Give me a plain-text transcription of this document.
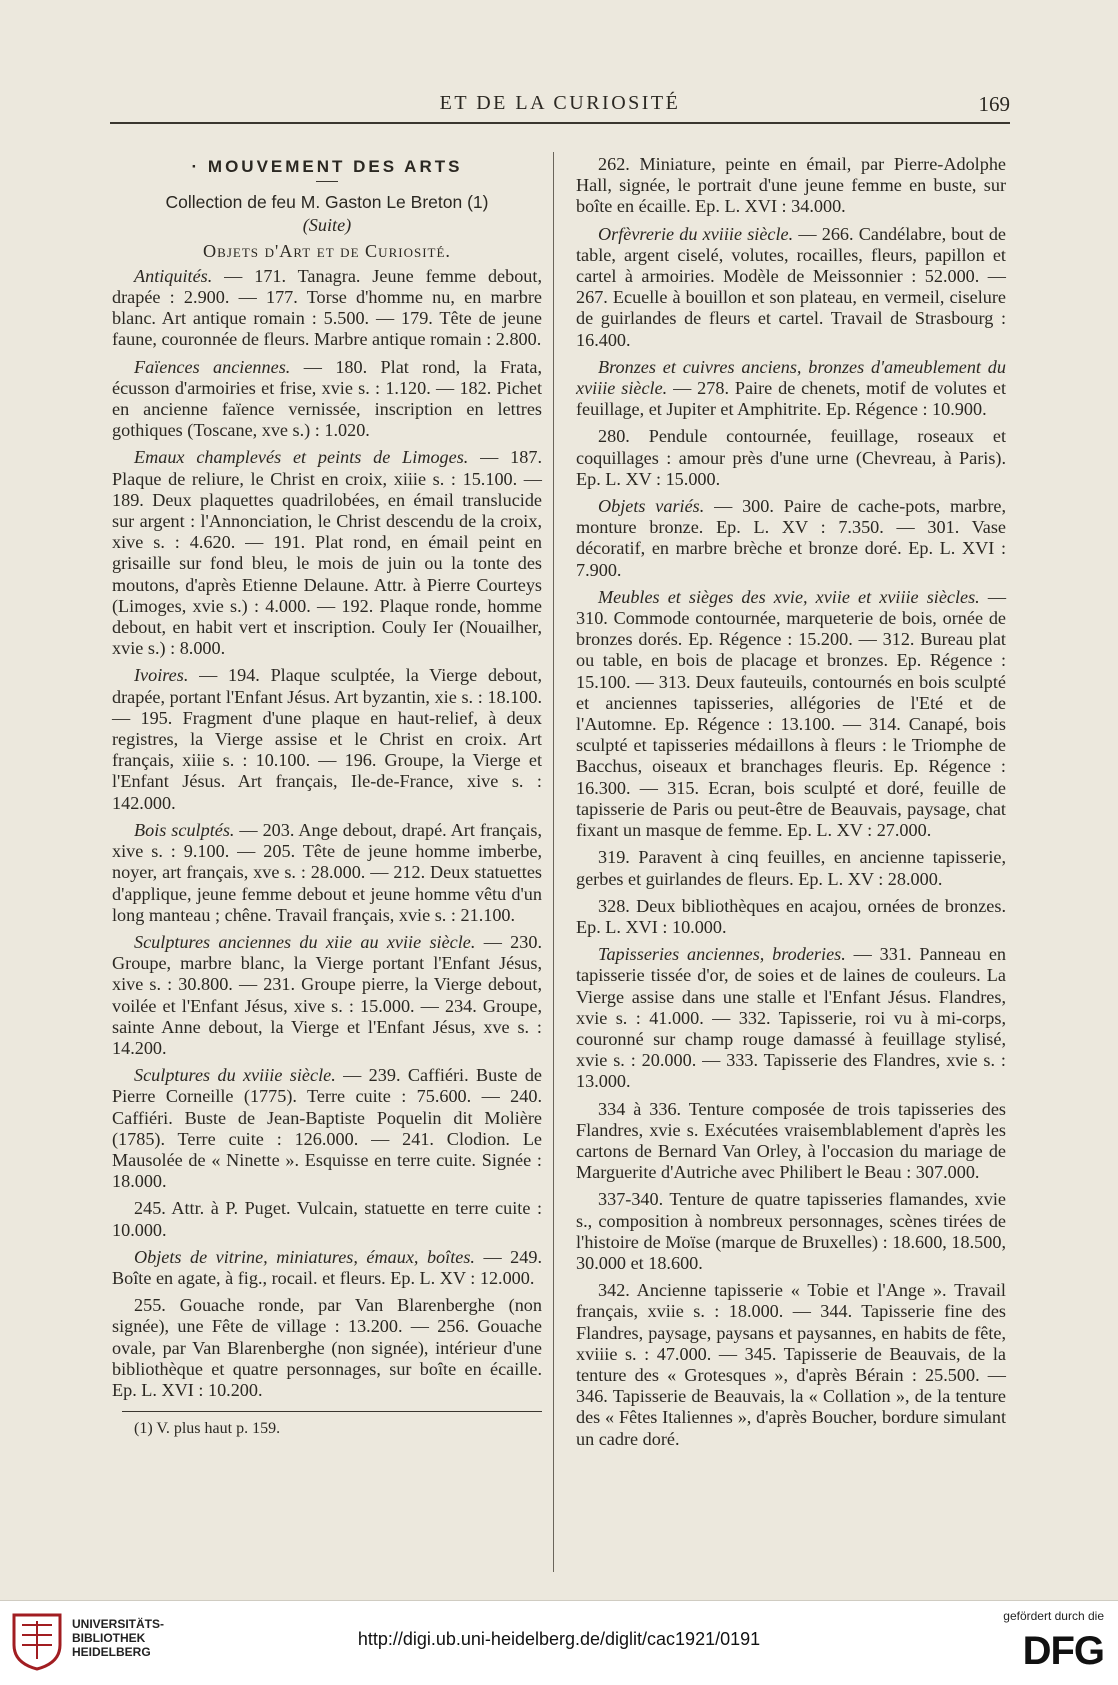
ET DE LA CURIOSITÉ	169
· MOUVEMENT DES ARTS
Collection de feu M. Gaston Le Breton (1)
(Suite)
Objets d'Art et de Curiosité.

Antiquités. — 171. Tanagra. Jeune femme debout, drapée : 2.900. — 177. Torse d'homme nu, en marbre blanc. Art antique romain : 5.500. — 179. Tête de jeune faune, couronnée de fleurs. Marbre antique romain : 2.800.

Faïences anciennes. — 180. Plat rond, la Frata, écusson d'armoiries et frise, xvie s. : 1.120. — 182. Pichet en ancienne faïence vernissée, inscription en lettres gothiques (Toscane, xve s.) : 1.020.

Emaux champlevés et peints de Limoges. — 187. Plaque de reliure, le Christ en croix, xiiie s. : 15.100. — 189. Deux plaquettes quadrilobées, en émail translucide sur argent : l'Annonciation, le Christ descendu de la croix, xive s. : 4.620. — 191. Plat rond, en émail peint en grisaille sur fond bleu, le mois de juin ou la tonte des moutons, d'après Etienne Delaune. Attr. à Pierre Courteys (Limoges, xvie s.) : 4.000. — 192. Plaque ronde, homme debout, en habit vert et inscription. Couly Ier (Nouailher, xvie s.) : 8.000.

Ivoires. — 194. Plaque sculptée, la Vierge debout, drapée, portant l'Enfant Jésus. Art byzantin, xie s. : 18.100. — 195. Fragment d'une plaque en haut-relief, à deux registres, la Vierge assise et le Christ en croix. Art français, xiiie s. : 10.100. — 196. Groupe, la Vierge et l'Enfant Jésus. Art français, Ile-de-France, xive s. : 142.000.

Bois sculptés. — 203. Ange debout, drapé. Art français, xive s. : 9.100. — 205. Tête de jeune homme imberbe, noyer, art français, xve s. : 28.000. — 212. Deux statuettes d'applique, jeune femme debout et jeune homme vêtu d'un long manteau ; chêne. Travail français, xvie s. : 21.100.

Sculptures anciennes du xiie au xviie siècle. — 230. Groupe, marbre blanc, la Vierge portant l'Enfant Jésus, xive s. : 30.800. — 231. Groupe pierre, la Vierge debout, voilée et l'Enfant Jésus, xive s. : 15.000. — 234. Groupe, sainte Anne debout, la Vierge et l'Enfant Jésus, xve s. : 14.200.

Sculptures du xviiie siècle. — 239. Caffiéri. Buste de Pierre Corneille (1775). Terre cuite : 75.600. — 240. Caffiéri. Buste de Jean-Baptiste Poquelin dit Molière (1785). Terre cuite : 126.000. — 241. Clodion. Le Mausolée de « Ninette ». Esquisse en terre cuite. Signée : 18.000.

245. Attr. à P. Puget. Vulcain, statuette en terre cuite : 10.000.

Objets de vitrine, miniatures, émaux, boîtes. — 249. Boîte en agate, à fig., rocail. et fleurs. Ep. L. XV : 12.000.

255. Gouache ronde, par Van Blarenberghe (non signée), une Fête de village : 13.200. — 256. Gouache ovale, par Van Blarenberghe (non signée), intérieur d'une bibliothèque et quatre personnages, sur boîte en écaille. Ep. L. XVI : 10.200.

(1) V. plus haut p. 159.

262. Miniature, peinte en émail, par Pierre-Adolphe Hall, signée, le portrait d'une jeune femme en buste, sur boîte en écaille. Ep. L. XVI : 34.000.

Orfèvrerie du xviiie siècle. — 266. Candélabre, bout de table, argent ciselé, volutes, rocailles, fleurs, papillon et cartel à armoiries. Modèle de Meissonnier : 52.000. — 267. Ecuelle à bouillon et son plateau, en vermeil, ciselure de guirlandes de fleurs et cartel. Travail de Strasbourg : 16.400.

Bronzes et cuivres anciens, bronzes d'ameublement du xviiie siècle. — 278. Paire de chenets, motif de volutes et feuillage, et Jupiter et Amphitrite. Ep. Régence : 10.900.

280. Pendule contournée, feuillage, roseaux et coquillages : amour près d'une urne (Chevreau, à Paris). Ep. L. XV : 15.000.

Objets variés. — 300. Paire de cache-pots, marbre, monture bronze. Ep. L. XV : 7.350. — 301. Vase décoratif, en marbre brèche et bronze doré. Ep. L. XVI : 7.900.

Meubles et sièges des xvie, xviie et xviiie siècles. — 310. Commode contournée, marqueterie de bois, ornée de bronzes dorés. Ep. Régence : 15.200. — 312. Bureau plat ou table, en bois de placage et bronzes. Ep. Régence : 15.100. — 313. Deux fauteuils, contournés en bois sculpté et anciennes tapisseries, allégories de l'Eté et de l'Automne. Ep. Régence : 13.100. — 314. Canapé, bois sculpté et tapisseries médaillons à fleurs : le Triomphe de Bacchus, oiseaux et branchages fleuris. Ep. Régence : 16.300. — 315. Ecran, bois sculpté et doré, feuille de tapisserie de Paris ou peut-être de Beauvais, paysage, chat fixant un masque de femme. Ep. L. XV : 27.000.

319. Paravent à cinq feuilles, en ancienne tapisserie, gerbes et guirlandes de fleurs. Ep. L. XV : 28.000.

328. Deux bibliothèques en acajou, ornées de bronzes. Ep. L. XVI : 10.000.

Tapisseries anciennes, broderies. — 331. Panneau en tapisserie tissée d'or, de soies et de laines de couleurs. La Vierge assise dans une stalle et l'Enfant Jésus. Flandres, xvie s. : 41.000. — 332. Tapisserie, roi vu à mi-corps, couronné sur champ rouge damassé à feuillage stylisé, xvie s. : 20.000. — 333. Tapisserie des Flandres, xvie s. : 13.000.

334 à 336. Tenture composée de trois tapisseries des Flandres, xvie s. Exécutées vraisemblablement d'après les cartons de Bernard Van Orley, à l'occasion du mariage de Marguerite d'Autriche avec Philibert le Beau : 307.000.

337-340. Tenture de quatre tapisseries flamandes, xvie s., composition à nombreux personnages, scènes tirées de l'histoire de Moïse (marque de Bruxelles) : 18.600, 18.500, 30.000 et 18.600.

342. Ancienne tapisserie « Tobie et l'Ange ». Travail français, xviie s. : 18.000. — 344. Tapisserie fine des Flandres, paysage, paysans et paysannes, en habits de fête, xviiie s. : 47.000. — 345. Tapisserie de Beauvais, de la tenture des « Grotesques », d'après Bérain : 25.500. — 346. Tapisserie de Beauvais, la « Collation », de la tenture des « Fêtes Italiennes », d'après Boucher, bordure simulant un cadre doré.

UNIVERSITÄTS-
BIBLIOTHEK
HEIDELBERG
http://digi.ub.uni-heidelberg.de/diglit/cac1921/0191
gefördert durch die
DFG
